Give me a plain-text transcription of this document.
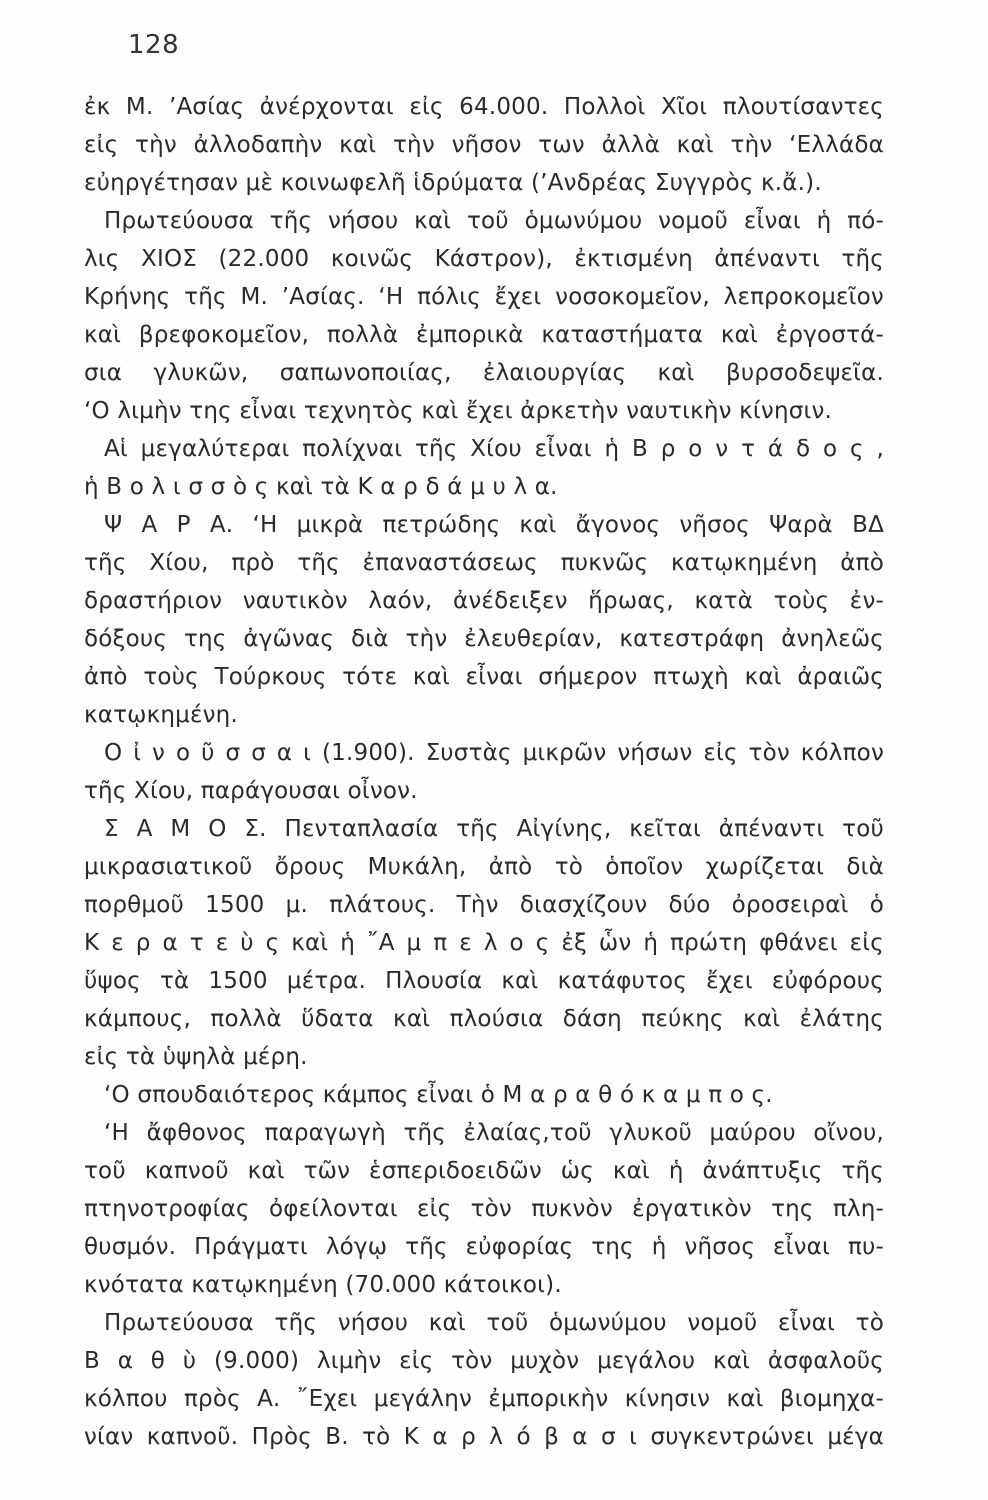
128
ἐκ Μ. ’Ασίας ἀνέρχονται εἰς 64.000. Πολλοὶ Χῖοι πλουτίσαντες
εἰς τὴν ἀλλοδαπὴν καὶ τὴν νῆσον των ἀλλὰ καὶ τὴν ‘Ελλάδα
εὐηργέτησαν μὲ κοινωφελῆ ἱδρύματα (’Ανδρέας Συγγρὸς κ.ἄ.).
Πρωτεύουσα τῆς νήσου καὶ τοῦ ὁμωνύμου νομοῦ εἶναι ἡ πό-
λις ΧΙΟΣ (22.000 κοινῶς Κάστρον), ἐκτισμένη ἀπέναντι τῆς
Κρήνης τῆς Μ. ’Ασίας. ‘Η πόλις ἔχει νοσοκομεῖον, λεπροκομεῖον
καὶ βρεφοκομεῖον, πολλὰ ἐμπορικὰ καταστήματα καὶ ἐργοστά-
σια γλυκῶν, σαπωνοποιίας, ἐλαιουργίας καὶ βυρσοδεψεῖα.
‘Ο λιμὴν της εἶναι τεχνητὸς καὶ ἔχει ἀρκετὴν ναυτικὴν κίνησιν.
Αἱ μεγαλύτεραι πολίχναι τῆς Χίου εἶναι ἡ Β ρ ο ν τ ά δ ο ς ,
ἡ Β ο λ ι σ σ ὸ ς καὶ τὰ Κ α ρ δ ά μ υ λ α.
Ψ Α Ρ Α. ‘Η μικρὰ πετρώδης καὶ ἄγονος νῆσος Ψαρὰ ΒΔ
τῆς Χίου, πρὸ τῆς ἐπαναστάσεως πυκνῶς κατῳκημένη ἀπὸ
δραστήριον ναυτικὸν λαόν, ἀνέδειξεν ἥρωας, κατὰ τοὺς ἐν-
δόξους της ἀγῶνας διὰ τὴν ἐλευθερίαν, κατεστράφη ἀνηλεῶς
ἀπὸ τοὺς Τούρκους τότε καὶ εἶναι σήμερον πτωχὴ καὶ ἀραιῶς
κατῳκημένη.
Ο ἰ ν ο ῦ σ σ α ι (1.900). Συστὰς μικρῶν νήσων εἰς τὸν κόλπον
τῆς Χίου, παράγουσαι οἶνον.
Σ Α Μ Ο Σ. Πενταπλασία τῆς Αἰγίνης, κεῖται ἀπέναντι τοῦ
μικρασιατικοῦ ὄρους Μυκάλη, ἀπὸ τὸ ὁποῖον χωρίζεται διὰ
πορθμοῦ 1500 μ. πλάτους. Τὴν διασχίζουν δύο ὀροσειραὶ ὁ
Κ ε ρ α τ ε ὺ ς καὶ ἡ ῎Α μ π ε λ ο ς ἐξ ὧν ἡ πρώτη φθάνει εἰς
ὕψος τὰ 1500 μέτρα. Πλουσία καὶ κατάφυτος ἔχει εὐφόρους
κάμπους, πολλὰ ὕδατα καὶ πλούσια δάση πεύκης καὶ ἐλάτης
εἰς τὰ ὑψηλὰ μέρη.
‘Ο σπουδαιότερος κάμπος εἶναι ὁ Μ α ρ α θ ό κ α μ π ο ς.
‘Η ἄφθονος παραγωγὴ τῆς ἐλαίας,τοῦ γλυκοῦ μαύρου οἴνου,
τοῦ καπνοῦ καὶ τῶν ἑσπεριδοειδῶν ὡς καὶ ἡ ἀνάπτυξις τῆς
πτηνοτροφίας ὀφείλονται εἰς τὸν πυκνὸν ἐργατικὸν της πλη-
θυσμόν. Πράγματι λόγῳ τῆς εὐφορίας της ἡ νῆσος εἶναι πυ-
κνότατα κατῳκημένη (70.000 κάτοικοι).
Πρωτεύουσα τῆς νήσου καὶ τοῦ ὁμωνύμου νομοῦ εἶναι τὸ
Β α θ ὺ (9.000) λιμὴν εἰς τὸν μυχὸν μεγάλου καὶ ἀσφαλοῦς
κόλπου πρὸς Α. ῎Εχει μεγάλην ἐμπορικὴν κίνησιν καὶ βιομηχα-
νίαν καπνοῦ. Πρὸς Β. τὸ Κ α ρ λ ό β α σ ι συγκεντρώνει μέγα
